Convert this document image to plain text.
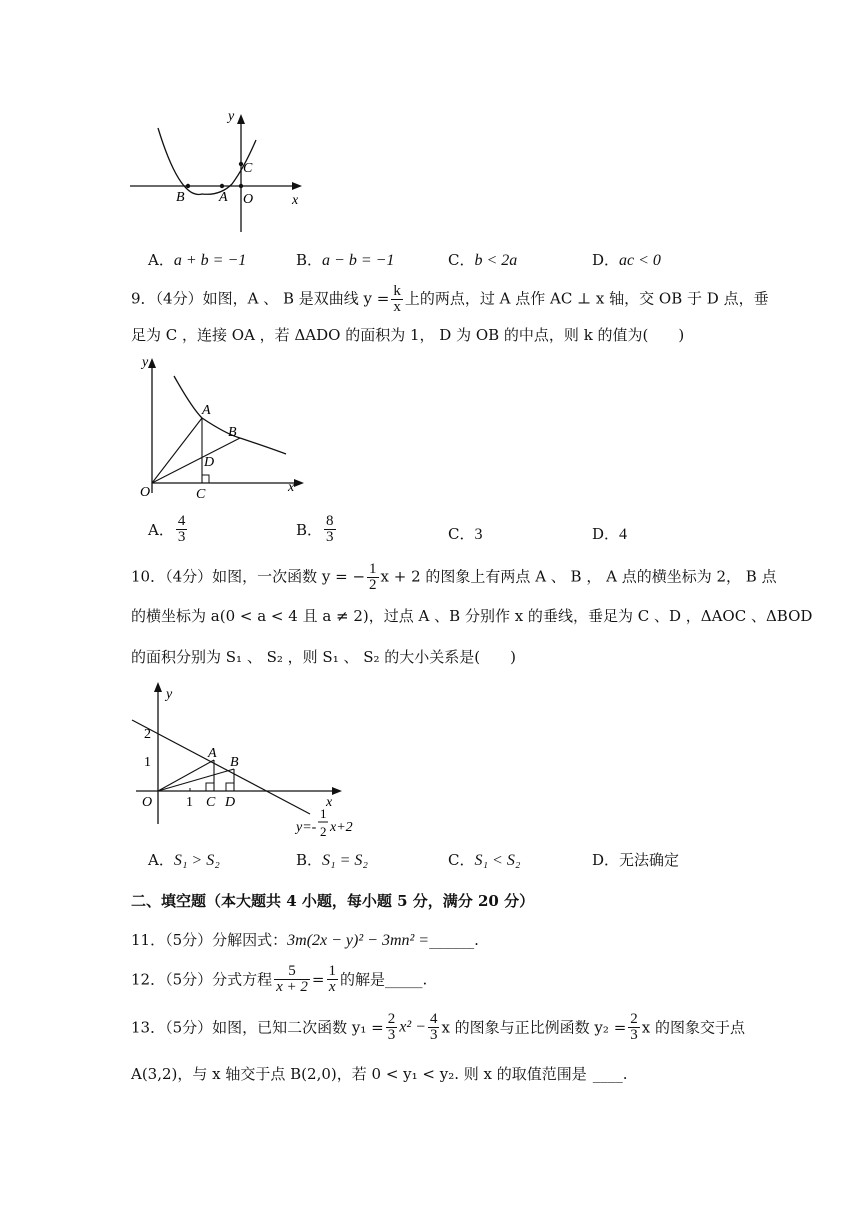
x
y
B A O
C
A．a + b = −1	B．a − b = −1	C．b < 2a	D．ac < 0
9．（4分）如图，A 、 B 是双曲线 $y = \frac{k}{x}$ 上的两点，过 A 点作 AC ⊥ x 轴，交 OB 于 D 点，垂
足为 C ，连接 OA ，若 ΔADO 的面积为 1， D 为 OB 的中点，则 k 的值为(　　)
x
y
A
B
D
O	C
A． $\frac{4}{3}$	B． $\frac{8}{3}$	C．3	D．4
10．（4分）如图，一次函数 y = − $\frac{1}{2}$ x + 2 的图象上有两点 A 、 B ， A 点的横坐标为 2， B 点
的横坐标为 a(0 < a < 4 且 a ≠ 2)，过点 A 、B 分别作 x 的垂线，垂足为 C 、D ，ΔAOC 、ΔBOD
的面积分别为 S₁ 、 S₂ ，则 S₁ 、 S₂ 的大小关系是(　　)
y
x
2
1
1
A
B
O	C D
y=-
1
2 x+2
A．S₁ > S₂	B．S₁ = S₂	C．S₁ < S₂	D．无法确定
二、填空题（本大题共 4 小题，每小题 5 分，满分 20 分）
11．（5分）分解因式：3m(2x − y)² − 3mn² =______.
12．（5分）分式方程 $\frac{5}{x + 2} = \frac{1}{x}$ 的解是_____.
13．（5分）如图，已知二次函数 $y_1 = \frac{2}{3} x^2 - \frac{4}{3}$ x 的图象与正比例函数 $y_2 = \frac{2}{3}$ x 的图象交于点
A(3,2)，与 x 轴交于点 B(2,0)，若 0 < y₁ < y₂. 则 x 的取值范围是 ____.
